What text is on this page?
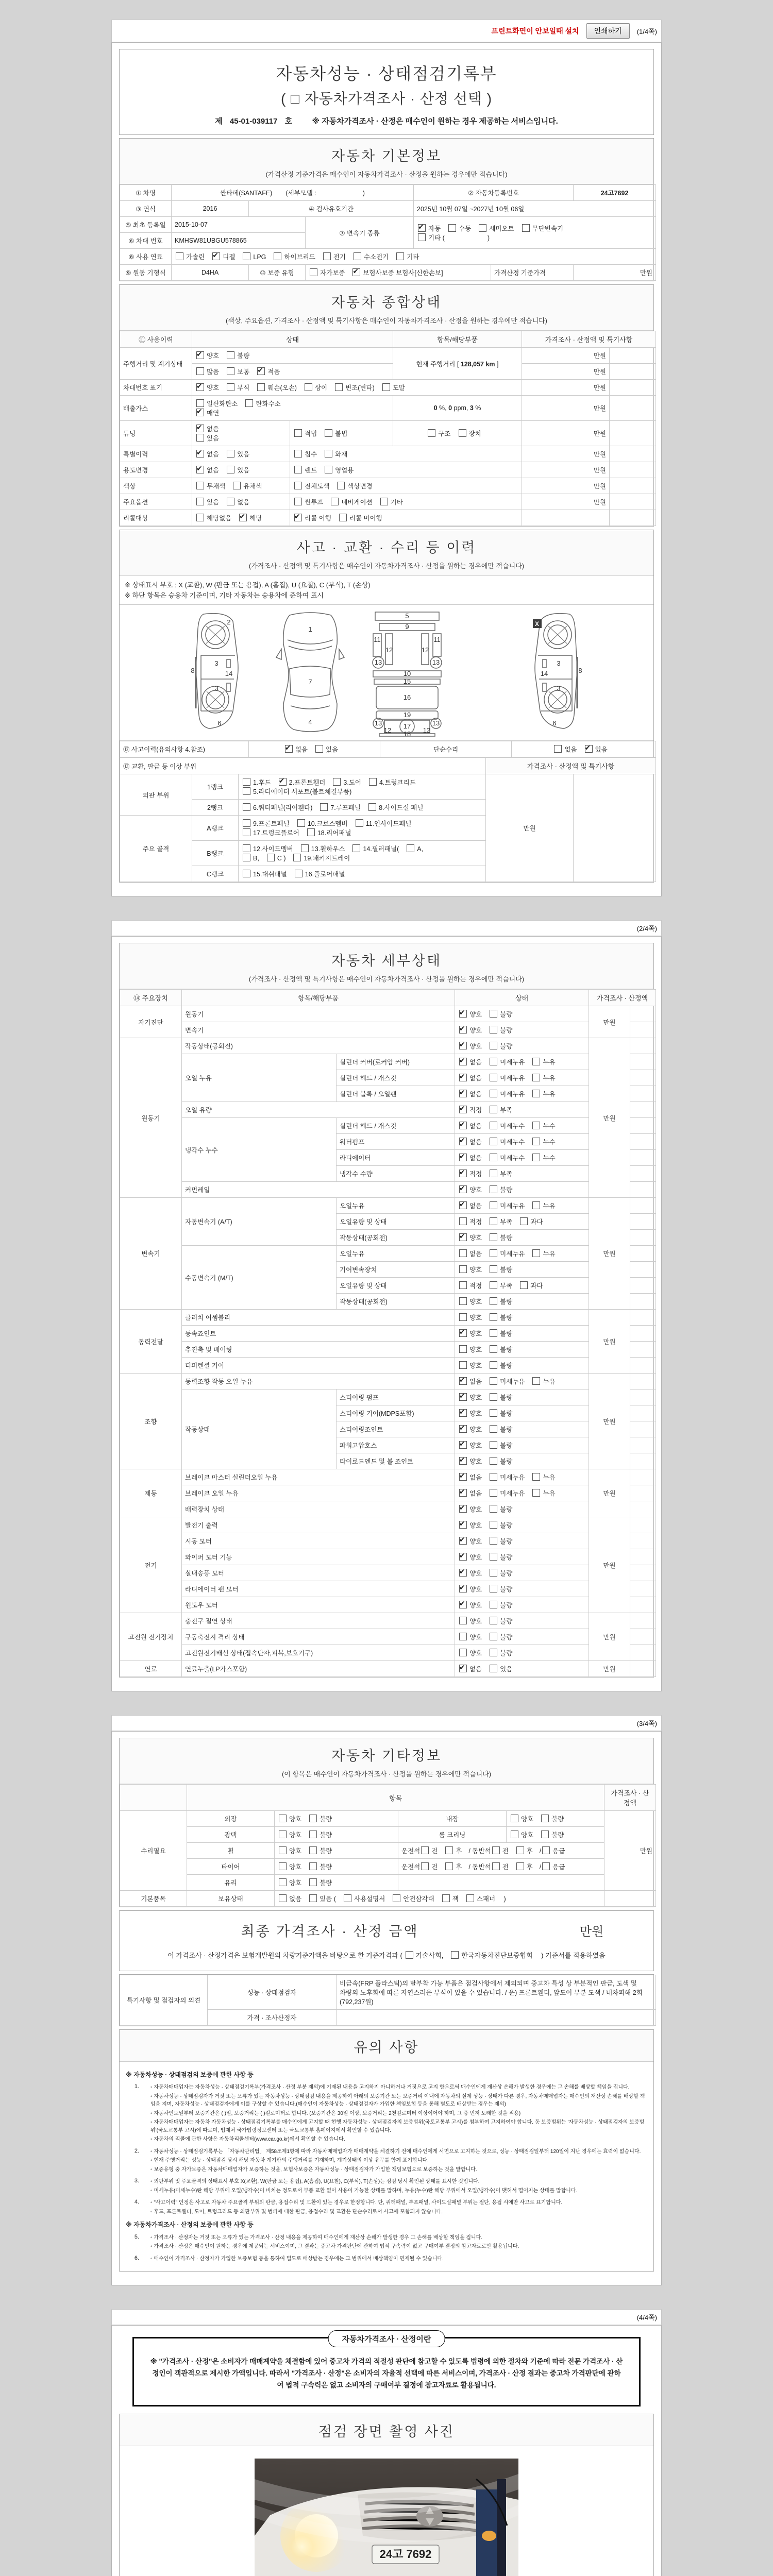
프린트화면이 안보일때 설치	인쇄하기	(1/4쪽)
자동차성능 · 상태점검기록부
( □ 자동차가격조사 · 산정 선택 )
제 45-01-039117 호	※ 자동차가격조사 · 산정은 매수인이 원하는 경우 제공하는 서비스입니다.
자동차 기본정보
(가격산정 기준가격은 매수인이 자동차가격조사 · 산정을 원하는 경우에만 적습니다)
① 차명	싼타페(SANTAFE) (세부모델 : )			② 자동차등록번호		24고7692
③ 연식	2016	④ 검사유효기간		2025년 10월 07일 ~2027년 10월 06일		
⑤ 최초 등록일	2015-10-07		⑦ 변속기 종류	✔자동 수동 세미오토 무단변속기
기타 ( )
⑥ 차대 번호	KMHSW81UBGU578865					
⑧ 사용 연료	가솔린 ✔ 디젤 LPG 하이브리드 전기 수소전기 기타
⑨ 원동 기형식	D4HA	⑩ 보증 유형	자가보증 ✔ 보험사보증 보험사[신한손보]		가격산정 기준가격	만원
자동차 종합상태
(색상, 주요옵션, 가격조사 · 산정액 및 특기사항은 매수인이 자동차가격조사 · 산정을 원하는 경우에만 적습니다)
⑪ 사용이력	상태		항목/해당부품	가격조사 · 산정액 및 특기사항	
주행거리 및 계기상태	✔양호 불량		현재 주행거리 [ 128,057 km ]	만원	
	많음 보통 ✔ 적음			만원	
차대번호 표기	✔양호 부식 훼손(오손) 상이 변조(변타) 도말			만원	
배출가스	일산화탄소 탄화수소
✔매연		0 %, 0 ppm, 3 %	만원	
튜닝	✔없음
있음	적법 불법	구조 장치	만원	
특별이력	✔없음 있음	침수 화재		만원	
용도변경	✔없음 있음	렌트 영업용		만원	
색상	무채색 유채색	전체도색 색상변경		만원	
주요옵션	있음 없음	썬루프 네비게이션 기타		만원	
리콜대상	해당없음 ✔ 해당	✔리콜 이행 리콜 미이행		
사고 · 교환 · 수리 등 이력
(가격조사 · 산정액 및 특기사항은 매수인이 자동차가격조사 · 산정을 원하는 경우에만 적습니다)
※ 상태표시 부호 : X (교환), W (판금 또는 용접), A (흠집), U (요철), C (부식), T (손상)
※ 하단 항목은 승용차 기준이며, 기타 자동차는 승용차에 준하여 표시
2
3
8	14
3
6
1
7
4
5
9
11	11
12	12
13	13
10
15
16
19
13	13
12	12
17
18
3
8
14
3
6
X
⑫ 사고이력(유의사항 4.참조)	✔없음	있음	단순수리	없음 ✔	있음
⑬ 교환, 판금 등 이상 부위			가격조사 · 산정액 및 특기사항	
외판 부위	1랭크	1.후드 ✔ 2.프론트휀더 3.도어 4.트렁크리드
5.라디에이터 서포트(볼트체결부품)	만원	
	2랭크	6.쿼터패널(리어휀다) 7.루프패널 8.사이드실 패널		
주요 골격	A랭크	9.프론트패널 10.크로스멤버 11.인사이드패널
17.트렁크플로어 18.리어패널		
	B랭크	12.사이드멤버 13.휠하우스 14.필러패널( A,
B, C ) 19.패키지트레이		
	C랭크	15.대쉬패널 16.플로어패널		
(2/4쪽)
자동차 세부상태
(가격조사 · 산정액 및 특기사항은 매수인이 자동차가격조사 · 산정을 원하는 경우에만 적습니다)
⑭ 주요장치	항목/해당부품		상태	가격조사 · 산정액	
자기진단	원동기	✔양호 불량	만원	
	변속기	✔양호 불량	
원동기	작동상태(공회전)	✔양호 불량	만원	
	오일 누유	실린더 커버(로커암 커버)	✔없음 미세누유 누유	
		실린더 헤드 / 개스킷	✔없음 미세누유 누유	
		실린더 블록 / 오일팬	✔없음 미세누유 누유	
	오일 유량	✔적정 부족	
	냉각수 누수	실린더 헤드 / 개스킷	✔없음 미세누수 누수	
		워터펌프	✔없음 미세누수 누수	
		라디에이터	✔없음 미세누수 누수	
		냉각수 수량	✔적정 부족	
	커먼레일	✔양호 불량	
변속기	자동변속기 (A/T)	오일누유	✔없음 미세누유 누유	만원	
		오일유량 및 상태	적정 부족 과다		
		작동상태(공회전)	✔양호 불량	
	수동변속기 (M/T)	오일누유	없음 미세누유 누유		
		기어변속장치	양호 불량		
		오일유량 및 상태	적정 부족 과다		
		작동상태(공회전)	양호 불량		
동력전달	클러치 어셈블리		양호 불량	만원	
	등속죠인트	✔양호 불량	
	추진축 및 베어링		양호 불량		
	디퍼렌셜 기어		양호 불량		
조향	동력조향 작동 오일 누유	✔없음 미세누유 누유	만원	
	작동상태	스티어링 펌프	✔양호 불량	
		스티어링 기어(MDPS포함)	✔양호 불량	
		스티어링조인트	✔양호 불량	
		파워고압호스	✔양호 불량	
		타이로드엔드 및 볼 조인트	✔양호 불량	
제동	브레이크 마스터 실린더오일 누유	✔없음 미세누유 누유	만원	
	브레이크 오일 누유	✔없음 미세누유 누유	
	배력장치 상태	✔양호 불량	
전기	발전기 출력	✔양호 불량	만원	
	시동 모터	✔양호 불량	
	와이퍼 모터 기능	✔양호 불량	
	실내송풍 모터	✔양호 불량	
	라디에이터 팬 모터	✔양호 불량	
	윈도우 모터	✔양호 불량	
고전원 전기장치	충전구 절연 상태		양호 불량	만원	
	구동축전지 격리 상태		양호 불량		
	고전원전기배선 상태(접속단자,피복,보호기구)		양호 불량		
연료	연료누출(LP가스포함)	✔없음 있음	만원	
(3/4쪽)
자동차 기타정보
(이 항목은 매수인이 자동차가격조사 · 산정을 원하는 경우에만 적습니다)
	항목				가격조사 · 산 정액
수리필요	외장	양호 불량	내장	양호 불량	만원
	광택	양호 불량	룸 크리닝	양호 불량	
	휠	양호 불량	운전석 전 후 / 동반석 전 후 / 응급		
	타이어	양호 불량	운전석 전 후 / 동반석 전 후 / 응급		
	유리	양호 불량			
기본품목	보유상태	없음 있음 ( 사용설명서 안전삼각대 잭 스패너 )			
최종 가격조사 · 산정 금액	만원
이 가격조사 · 산정가격은 보험개발원의 차량기준가액을 바탕으로 한 기준가격과 ( 기술사회,	한국자동차진단보증협회 ) 기준서를 적용하였음
특기사항 및 점검자의 의견	성능 · 상태점검자	비금속(FRP 플라스틱)의 탈부착 가능 부품은 점검사항에서 제외되며 중고차 특성 상 부분적인 판금, 도색 및 차량의 노후화에 따른 자연스러운 부식이 있을 수 있습니다. / 운) 프론트휀더, 앞도어 부분 도색 / 내차피해 2회 (792,237원)
	가격 · 조사산정자	
유의 사항
※ 자동차성능 · 상태점검의 보증에 관한 사항 등
1.	◦ 자동차매매업자는 자동차성능 · 상태점검기록부(가격조사 · 산정 부분 제외)에 기재된 내용을 고지하지 아니하거나 거짓으로 고지 함으로써 매수인에게 재산상 손해가 발생한 경우에는 그 손해를 배상할 책임을 집니다.
◦ 자동차성능 · 상태점검자가 거짓 또는 오류가 있는 자동차성능 · 상태점검 내용을 제공하여 아래의 보증기간 또는 보증거리 이내에 자동차의 실제 성능 · 상태가 다른 경우, 자동차매매업자는 매수인의 재산상 손해를 배상할 책임을 지며, 자동차성능 · 상태점검자에게 이를 구상할 수 있습니다.(매수인이 자동차성능 · 상태점검자가 가입한 책임보험 등을 통해 별도로 배상받는 경우는 제외)
◦ 자동차인도일부터 보증기간은 ( )일, 보증거리는 ( )킬로미터로 합니다. (보증기간은 30일 이상, 보증거리는 2천킬로미터 이상이어야 하며, 그 중 먼저 도래한 것을 적용)
◦ 자동차매매업자는 자동차 자동차성능 · 상태점검기록부를 매수인에게 고지할 때 현행 자동차성능 · 상태점검자의 보증범위(국토교통부 고시)를 첨부하여 고지하여야 합니다. 동 보증범위는 '자동차성능 · 상태점검자의 보증범위'(국토교통부 고시)에 따르며, 법제처 국가법령정보센터 또는 국토교통부 홈페이지에서 확인할 수 있습니다.
◦ 자동차의 리콜에 관한 사항은 자동차리콜센터(www.car.go.kr)에서 확인할 수 있습니다.
2.	◦ 자동차성능 · 상태점검기록부는 「자동차관리법」 제58조제1항에 따라 자동차매매업자가 매매계약을 체결하기 전에 매수인에게 서면으로 고지하는 것으로, 성능 · 상태점검일부터 120일이 지난 경우에는 효력이 없습니다.
◦ 현재 주행거리는 성능 · 상태점검 당시 해당 자동차 계기판의 주행거리를 기재하며, 계기상태의 이상 유무를 함께 표기합니다.
◦ 보증유형 중 자가보증은 자동차매매업자가 보증하는 것을, 보험사보증은 자동차성능 · 상태점검자가 가입한 책임보험으로 보증하는 것을 말합니다.
3.	◦ 외판부위 및 주요골격의 상태표시 부호 X(교환), W(판금 또는 용접), A(흠집), U(요철), C(부식), T(손상)는 점검 당시 확인된 상태를 표시한 것입니다.
◦ 미세누유(미세누수)란 해당 부위에 오일(냉각수)이 비치는 정도로서 부품 교환 없이 사용이 가능한 상태를 말하며, 누유(누수)란 해당 부위에서 오일(냉각수)이 맺혀서 떨어지는 상태를 말합니다.
4.	◦ "사고이력" 인정은 사고로 자동차 주요골격 부위의 판금, 용접수리 및 교환이 있는 경우로 한정합니다. 단, 쿼터패널, 루프패널, 사이드실패널 부위는 절단, 용접 시에만 사고로 표기합니다.
◦ 후드, 프론트휀더, 도어, 트렁크리드 등 외판부위 및 범퍼에 대한 판금, 용접수리 및 교환은 단순수리로서 사고에 포함되지 않습니다.
※ 자동차가격조사 · 산정의 보증에 관한 사항 등
5.	◦ 가격조사 · 산정자는 거짓 또는 오류가 있는 가격조사 · 산정 내용을 제공하여 매수인에게 재산상 손해가 발생한 경우 그 손해를 배상할 책임을 집니다.
◦ 가격조사 · 산정은 매수인이 원하는 경우에 제공되는 서비스이며, 그 결과는 중고차 가격판단에 관하여 법적 구속력이 없고 구매여부 결정의 참고자료로만 활용됩니다.
6.	◦ 매수인이 가격조사 · 산정자가 가입한 보증보험 등을 통하여 별도로 배상받는 경우에는 그 범위에서 배상책임이 면제될 수 있습니다.
(4/4쪽)
자동차가격조사 · 산정이란
※ "가격조사 · 산정"은 소비자가 매매계약을 체결함에 있어 중고차 가격의 적절성 판단에 참고할 수 있도록 법령에 의한 절차와 기준에 따라 전문 가격조사 · 산정인이 객관적으로 제시한 가액입니다. 따라서 "가격조사 · 산정"은 소비자의 자율적 선택에 따른 서비스이며, 가격조사 · 산정 결과는 중고차 가격판단에 관하여 법적 구속력은 없고 소비자의 구매여부 결정에 참고자료로 활용됩니다.
점검 장면 촬영 사진
24고 7692
